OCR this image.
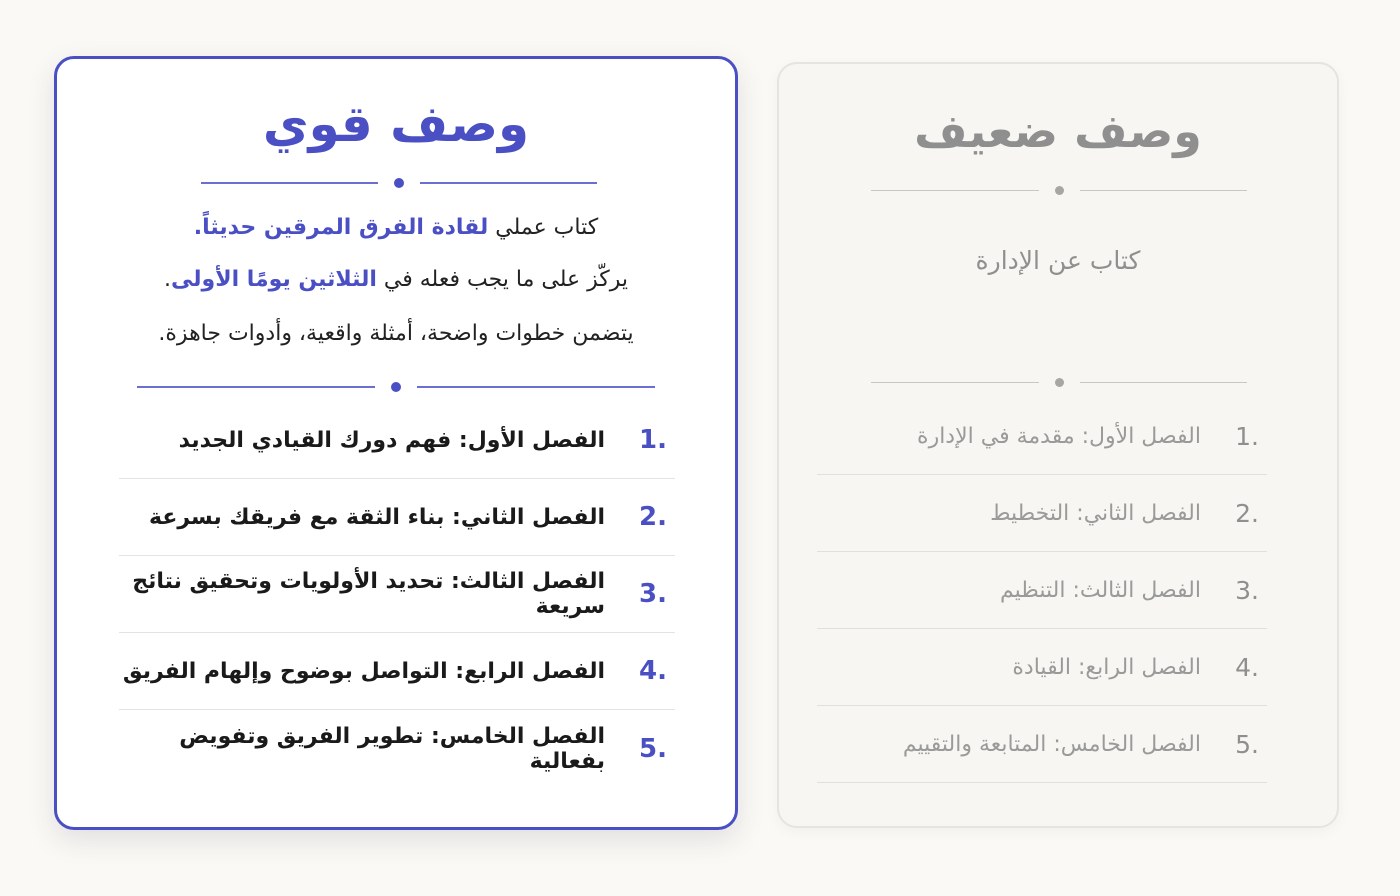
وصف قوي
كتاب عملي لقادة الفرق المرقين حديثاً.
يركّز على ما يجب فعله في الثلاثين يومًا الأولى.
يتضمن خطوات واضحة، أمثلة واقعية، وأدوات جاهزة.
1.
الفصل الأول: فهم دورك القيادي الجديد
2.
الفصل الثاني: بناء الثقة مع فريقك بسرعة
3.
الفصل الثالث: تحديد الأولويات وتحقيق نتائج سريعة
4.
الفصل الرابع: التواصل بوضوح وإلهام الفريق
5.
الفصل الخامس: تطوير الفريق وتفويض بفعالية
وصف ضعيف
كتاب عن الإدارة
1.
الفصل الأول: مقدمة في الإدارة
2.
الفصل الثاني: التخطيط
3.
الفصل الثالث: التنظيم
4.
الفصل الرابع: القيادة
5.
الفصل الخامس: المتابعة والتقييم
